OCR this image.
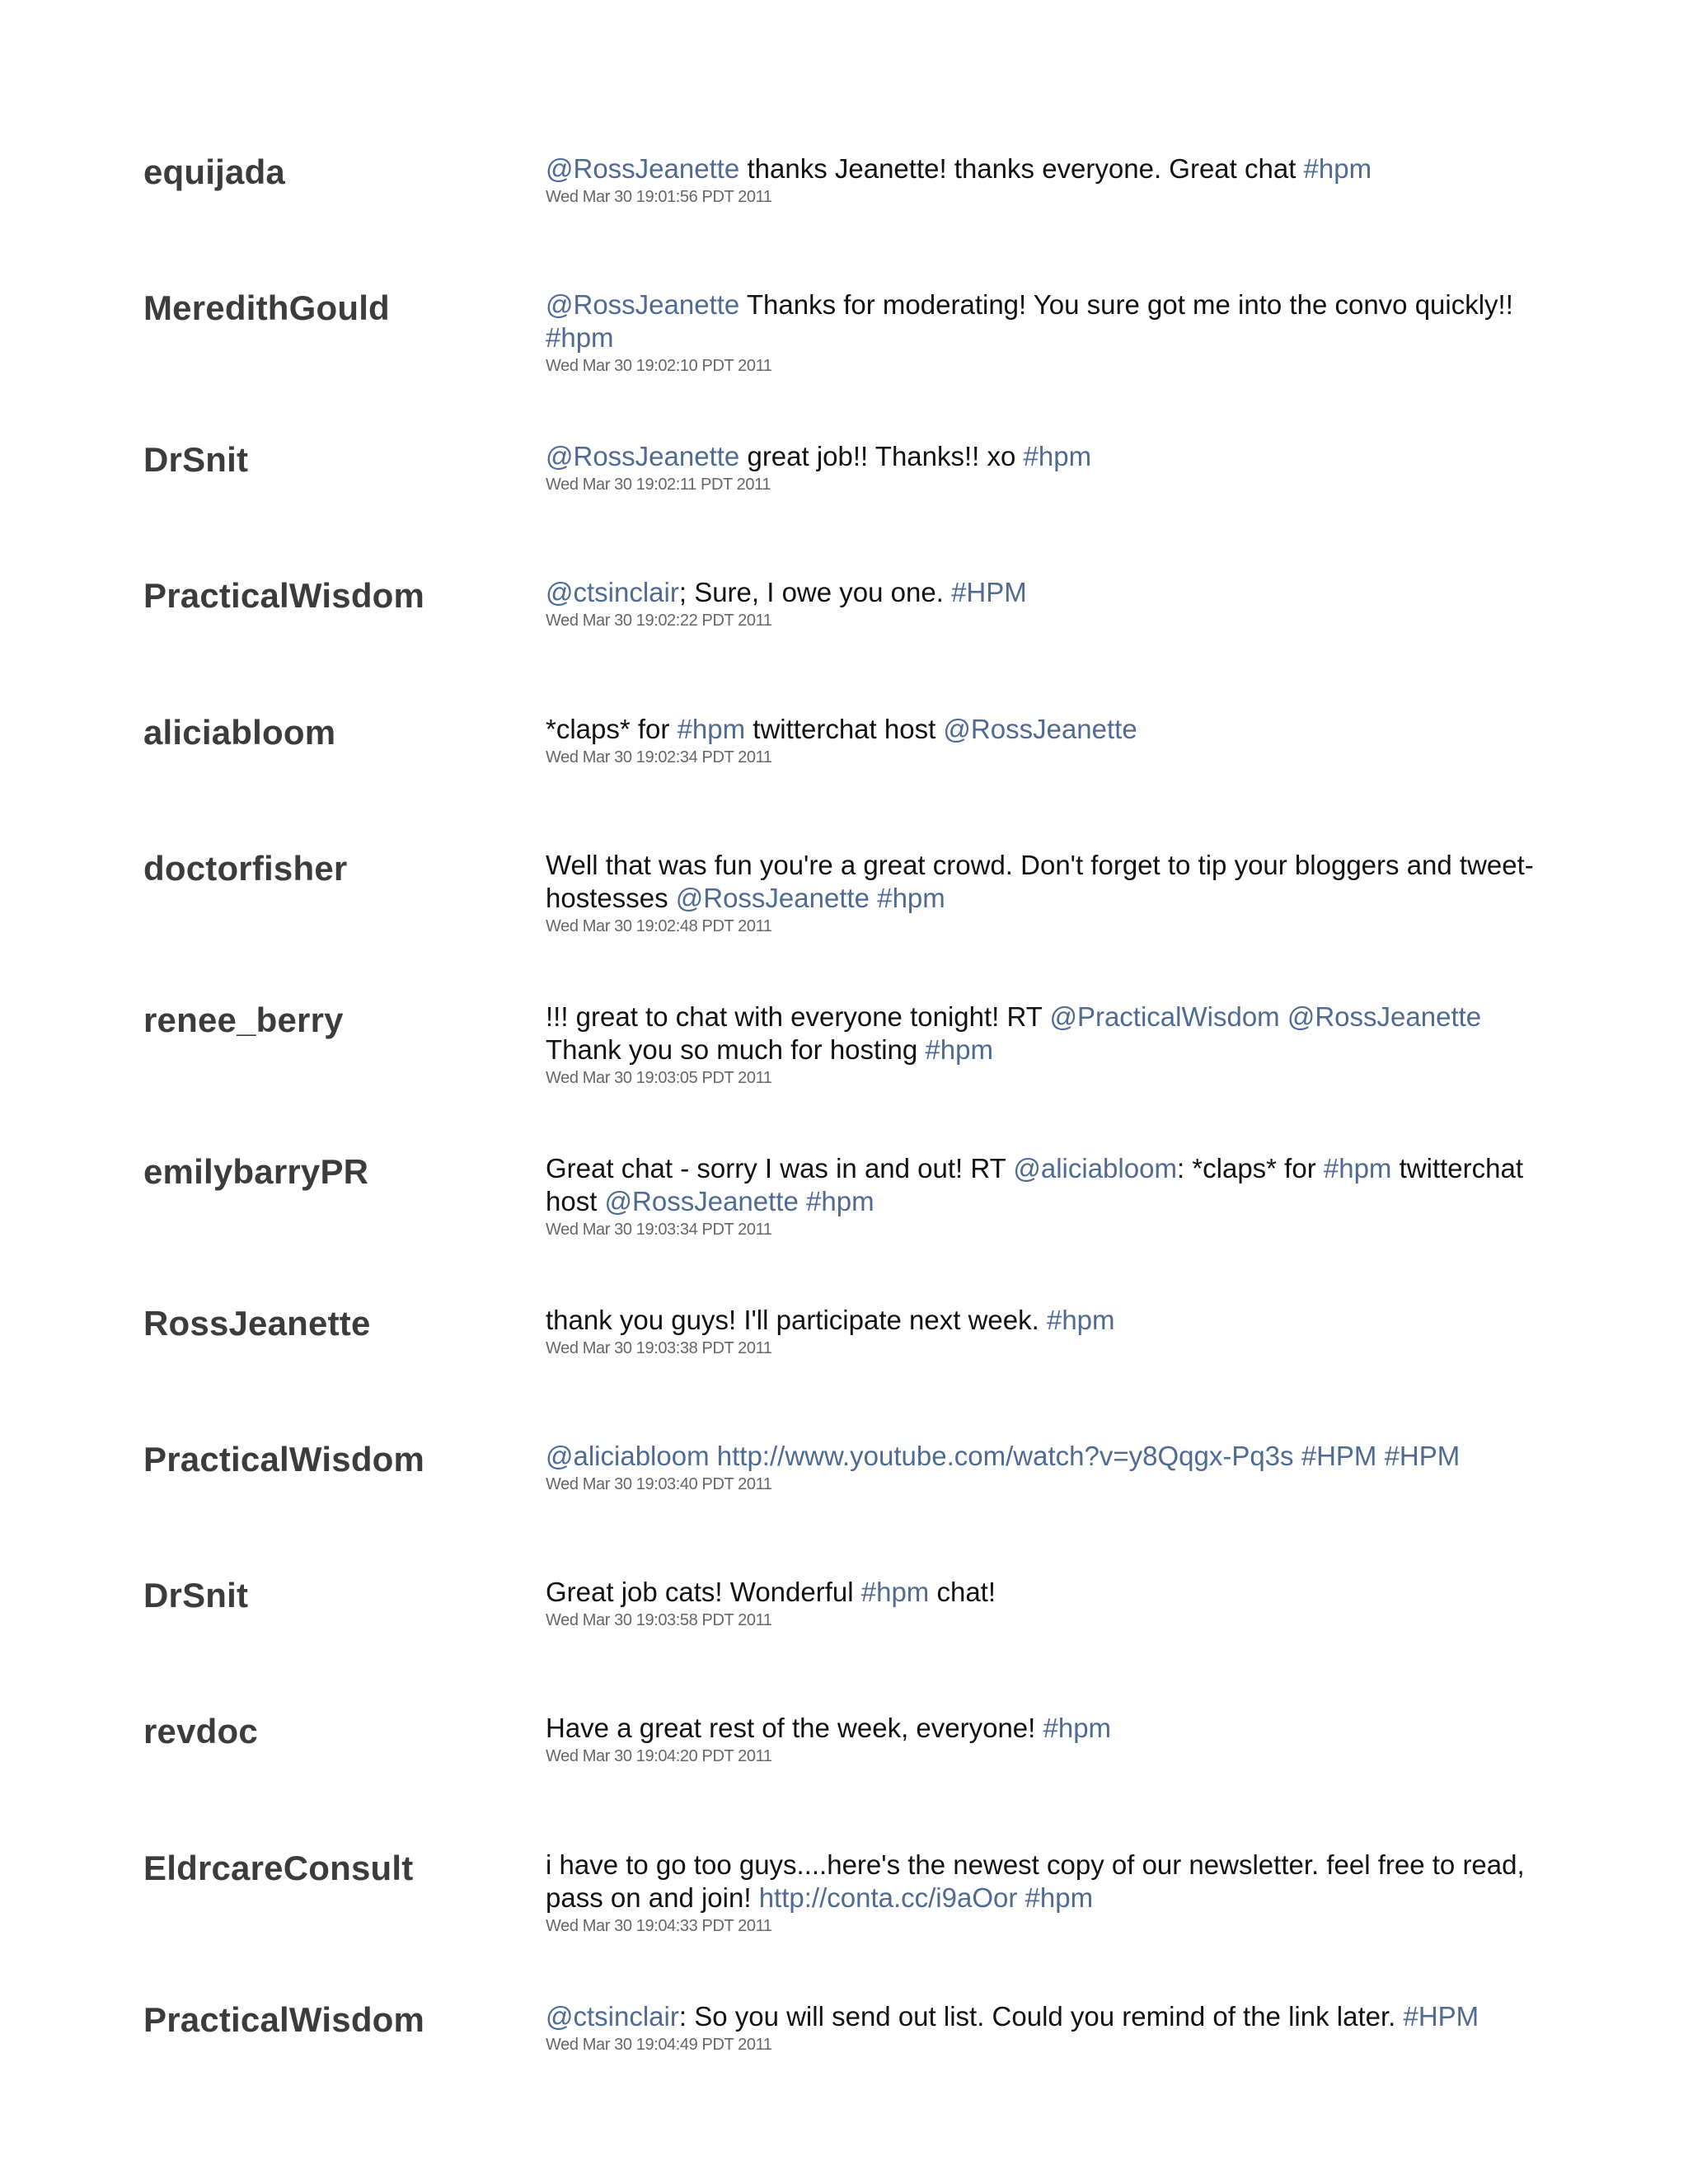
equijada	@RossJeanette thanks Jeanette! thanks everyone. Great chat #hpm
Wed Mar 30 19:01:56 PDT 2011
MeredithGould	@RossJeanette Thanks for moderating! You sure got me into the convo quickly!! #hpm
Wed Mar 30 19:02:10 PDT 2011
DrSnit	@RossJeanette great job!! Thanks!! xo #hpm
Wed Mar 30 19:02:11 PDT 2011
PracticalWisdom	@ctsinclair; Sure, I owe you one. #HPM
Wed Mar 30 19:02:22 PDT 2011
aliciabloom	*claps* for #hpm twitterchat host @RossJeanette
Wed Mar 30 19:02:34 PDT 2011
doctorfisher	Well that was fun you're a great crowd. Don't forget to tip your bloggers and tweet-hostesses @RossJeanette #hpm
Wed Mar 30 19:02:48 PDT 2011
renee_berry	!!! great to chat with everyone tonight! RT @PracticalWisdom @RossJeanette Thank you so much for hosting #hpm
Wed Mar 30 19:03:05 PDT 2011
emilybarryPR	Great chat - sorry I was in and out! RT @aliciabloom: *claps* for #hpm twitterchat host @RossJeanette #hpm
Wed Mar 30 19:03:34 PDT 2011
RossJeanette	thank you guys! I'll participate next week. #hpm
Wed Mar 30 19:03:38 PDT 2011
PracticalWisdom	@aliciabloom http://www.youtube.com/watch?v=y8Qqgx-Pq3s #HPM #HPM
Wed Mar 30 19:03:40 PDT 2011
DrSnit	Great job cats! Wonderful #hpm chat!
Wed Mar 30 19:03:58 PDT 2011
revdoc	Have a great rest of the week, everyone! #hpm
Wed Mar 30 19:04:20 PDT 2011
EldrcareConsult	i have to go too guys....here's the newest copy of our newsletter. feel free to read, pass on and join! http://conta.cc/i9aOor #hpm
Wed Mar 30 19:04:33 PDT 2011
PracticalWisdom	@ctsinclair: So you will send out list. Could you remind of the link later. #HPM
Wed Mar 30 19:04:49 PDT 2011
